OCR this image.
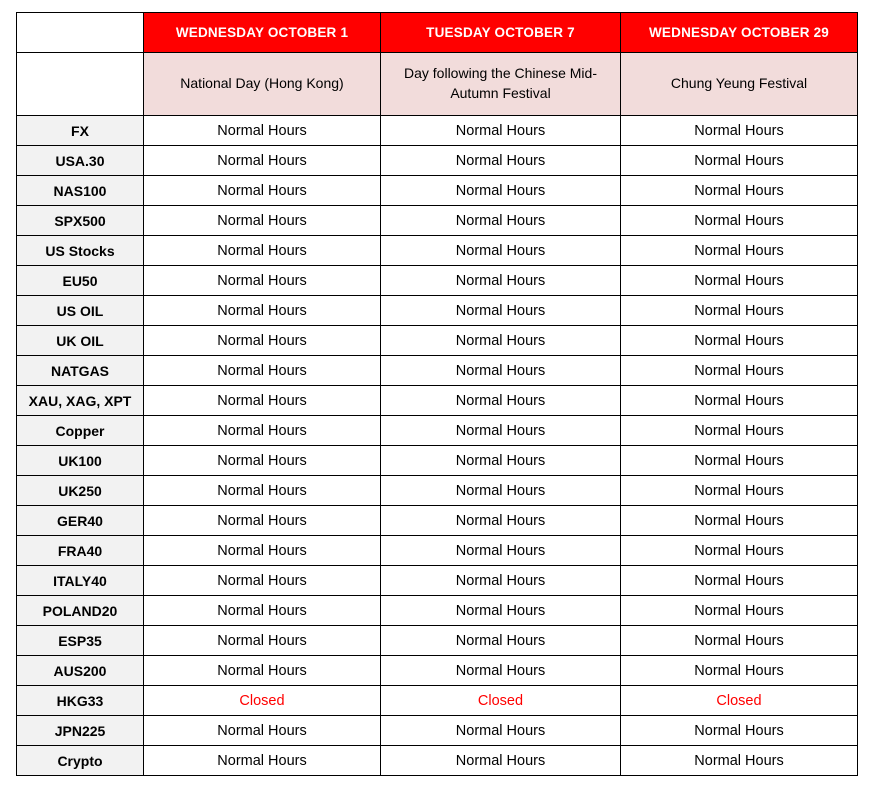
	WEDNESDAY OCTOBER 1	TUESDAY OCTOBER 7	WEDNESDAY OCTOBER 29
	National Day (Hong Kong)	Day following the Chinese Mid-Autumn Festival	Chung Yeung Festival
FX	Normal Hours	Normal Hours	Normal Hours
USA.30	Normal Hours	Normal Hours	Normal Hours
NAS100	Normal Hours	Normal Hours	Normal Hours
SPX500	Normal Hours	Normal Hours	Normal Hours
US Stocks	Normal Hours	Normal Hours	Normal Hours
EU50	Normal Hours	Normal Hours	Normal Hours
US OIL	Normal Hours	Normal Hours	Normal Hours
UK OIL	Normal Hours	Normal Hours	Normal Hours
NATGAS	Normal Hours	Normal Hours	Normal Hours
XAU, XAG, XPT	Normal Hours	Normal Hours	Normal Hours
Copper	Normal Hours	Normal Hours	Normal Hours
UK100	Normal Hours	Normal Hours	Normal Hours
UK250	Normal Hours	Normal Hours	Normal Hours
GER40	Normal Hours	Normal Hours	Normal Hours
FRA40	Normal Hours	Normal Hours	Normal Hours
ITALY40	Normal Hours	Normal Hours	Normal Hours
POLAND20	Normal Hours	Normal Hours	Normal Hours
ESP35	Normal Hours	Normal Hours	Normal Hours
AUS200	Normal Hours	Normal Hours	Normal Hours
HKG33	Closed	Closed	Closed
JPN225	Normal Hours	Normal Hours	Normal Hours
Crypto	Normal Hours	Normal Hours	Normal Hours
